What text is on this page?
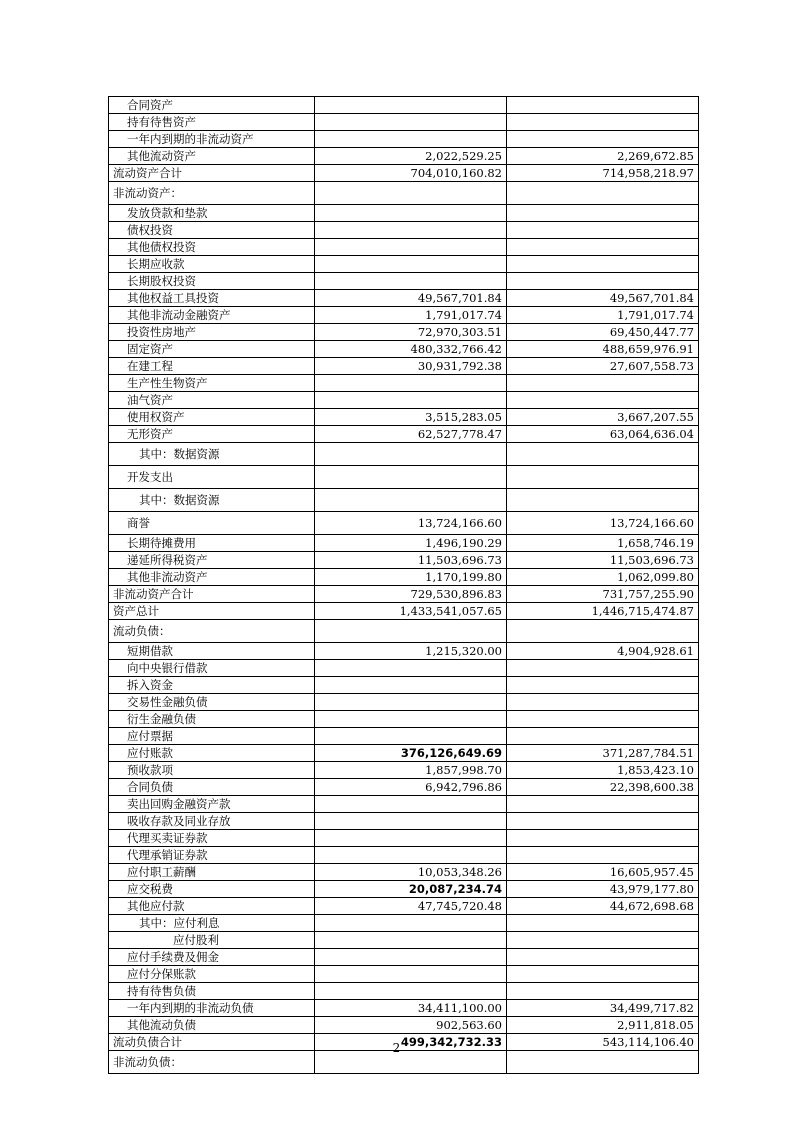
合同资产		
持有待售资产		
一年内到期的非流动资产		
其他流动资产	2,022,529.25	2,269,672.85
流动资产合计	704,010,160.82	714,958,218.97
非流动资产：		
发放贷款和垫款		
债权投资		
其他债权投资		
长期应收款		
长期股权投资		
其他权益工具投资	49,567,701.84	49,567,701.84
其他非流动金融资产	1,791,017.74	1,791,017.74
投资性房地产	72,970,303.51	69,450,447.77
固定资产	480,332,766.42	488,659,976.91
在建工程	30,931,792.38	27,607,558.73
生产性生物资产		
油气资产		
使用权资产	3,515,283.05	3,667,207.55
无形资产	62,527,778.47	63,064,636.04
其中：数据资源		
开发支出		
其中：数据资源		
商誉	13,724,166.60	13,724,166.60
长期待摊费用	1,496,190.29	1,658,746.19
递延所得税资产	11,503,696.73	11,503,696.73
其他非流动资产	1,170,199.80	1,062,099.80
非流动资产合计	729,530,896.83	731,757,255.90
资产总计	1,433,541,057.65	1,446,715,474.87
流动负债：		
短期借款	1,215,320.00	4,904,928.61
向中央银行借款		
拆入资金		
交易性金融负债		
衍生金融负债		
应付票据		
应付账款	376,126,649.69	371,287,784.51
预收款项	1,857,998.70	1,853,423.10
合同负债	6,942,796.86	22,398,600.38
卖出回购金融资产款		
吸收存款及同业存放		
代理买卖证券款		
代理承销证券款		
应付职工薪酬	10,053,348.26	16,605,957.45
应交税费	20,087,234.74	43,979,177.80
其他应付款	47,745,720.48	44,672,698.68
其中：应付利息		
应付股利		
应付手续费及佣金		
应付分保账款		
持有待售负债		
一年内到期的非流动负债	34,411,100.00	34,499,717.82
其他流动负债	902,563.60	2,911,818.05
流动负债合计	499,342,732.33	543,114,106.40
非流动负债：		
2
